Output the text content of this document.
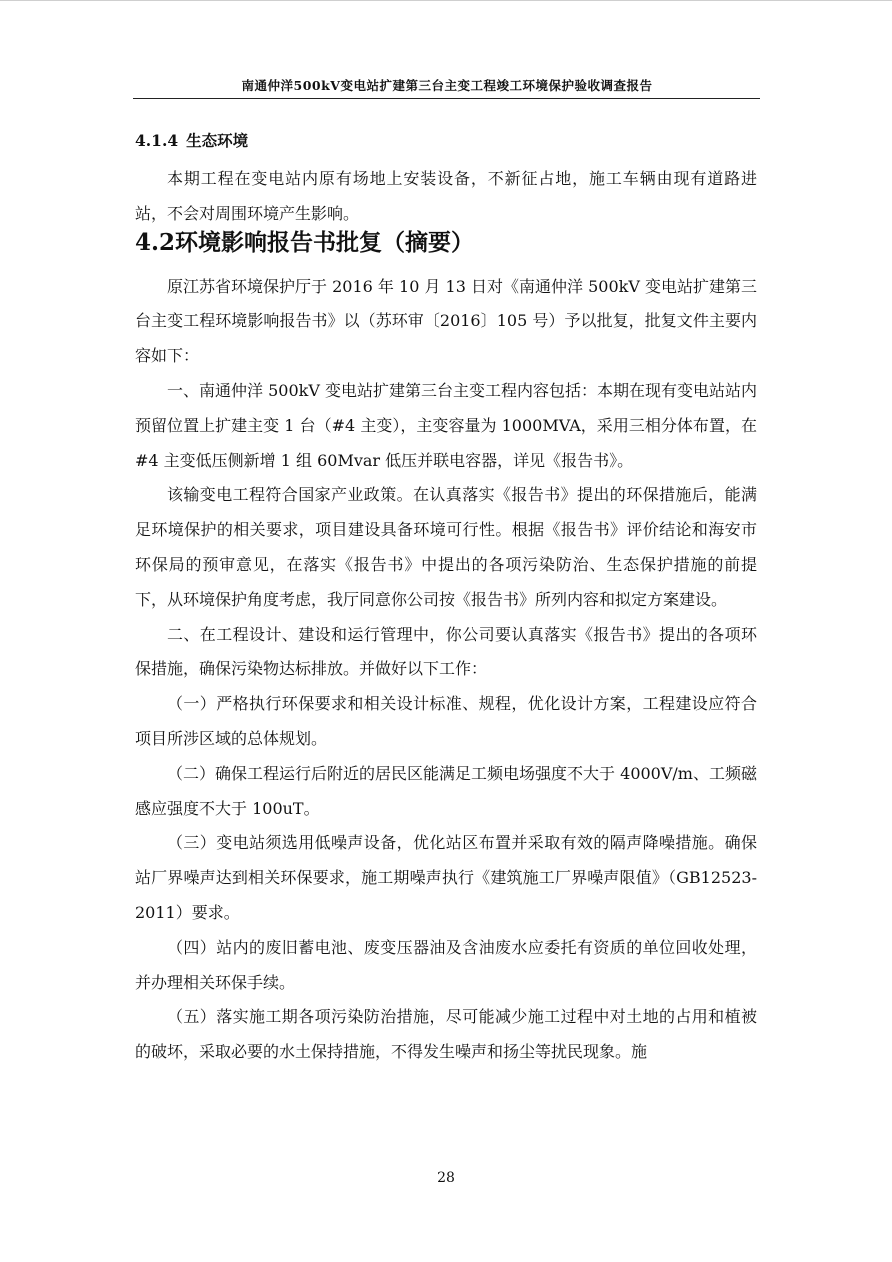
南通仲洋500kV变电站扩建第三台主变工程竣工环境保护验收调查报告
4.1.4 生态环境

本期工程在变电站内原有场地上安装设备，不新征占地，施工车辆由现有道路进站，不会对周围环境产生影响。

4.2环境影响报告书批复（摘要）

原江苏省环境保护厅于 2016 年 10 月 13 日对《南通仲洋 500kV 变电站扩建第三台主变工程环境影响报告书》以（苏环审〔2016〕105 号）予以批复，批复文件主要内容如下：

一、南通仲洋 500kV 变电站扩建第三台主变工程内容包括：本期在现有变电站站内预留位置上扩建主变 1 台（#4 主变），主变容量为 1000MVA，采用三相分体布置，在#4 主变低压侧新增 1 组 60Mvar 低压并联电容器，详见《报告书》。

该输变电工程符合国家产业政策。在认真落实《报告书》提出的环保措施后，能满足环境保护的相关要求，项目建设具备环境可行性。根据《报告书》评价结论和海安市环保局的预审意见，在落实《报告书》中提出的各项污染防治、生态保护措施的前提下，从环境保护角度考虑，我厅同意你公司按《报告书》所列内容和拟定方案建设。

二、在工程设计、建设和运行管理中，你公司要认真落实《报告书》提出的各项环保措施，确保污染物达标排放。并做好以下工作：

（一）严格执行环保要求和相关设计标准、规程，优化设计方案，工程建设应符合项目所涉区域的总体规划。

（二）确保工程运行后附近的居民区能满足工频电场强度不大于 4000V/m、工频磁感应强度不大于 100uT。

（三）变电站须选用低噪声设备，优化站区布置并采取有效的隔声降噪措施。确保站厂界噪声达到相关环保要求，施工期噪声执行《建筑施工厂界噪声限值》（GB12523-2011）要求。

（四）站内的废旧蓄电池、废变压器油及含油废水应委托有资质的单位回收处理，并办理相关环保手续。

（五）落实施工期各项污染防治措施，尽可能减少施工过程中对土地的占用和植被的破坏，采取必要的水土保持措施，不得发生噪声和扬尘等扰民现象。施

28
